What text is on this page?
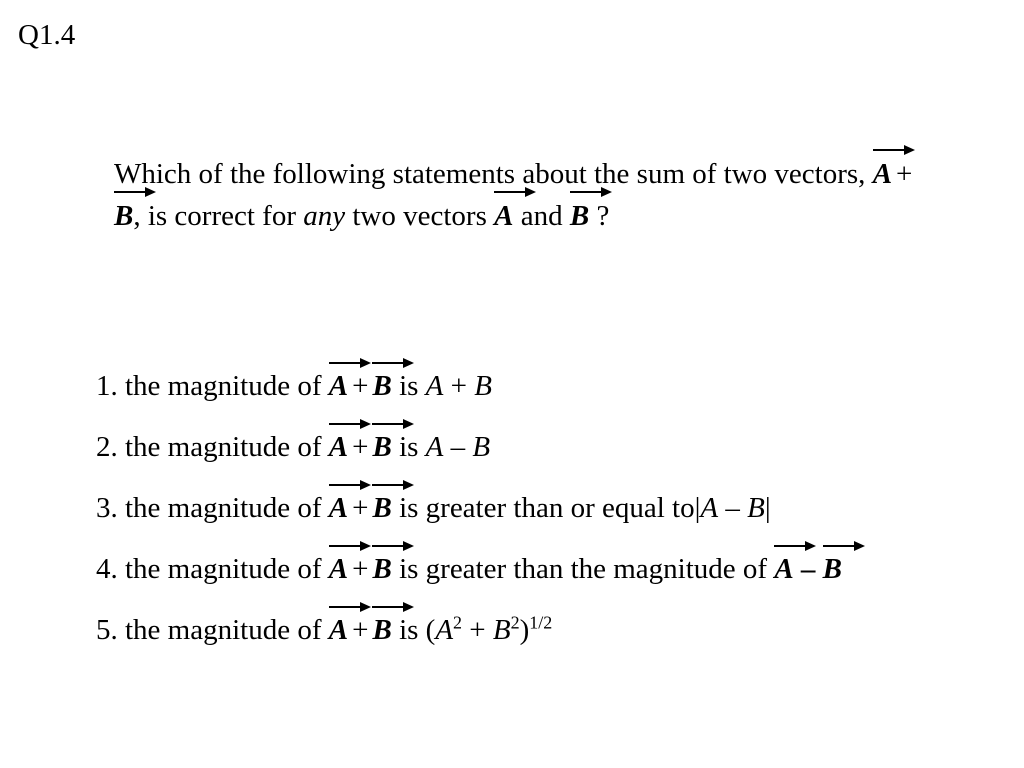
Q1.4
Which of the following statements about the sum of two vectors, A +
B, is correct for any two vectors A and B ?
1. the magnitude of A + B is A + B
2. the magnitude of A + B is A – B
3. the magnitude of A + B is greater than or equal to|A – B|
4. the magnitude of A + B is greater than the magnitude of A – B
5. the magnitude of A + B is $(A^2 + B^2)^{1/2}$
